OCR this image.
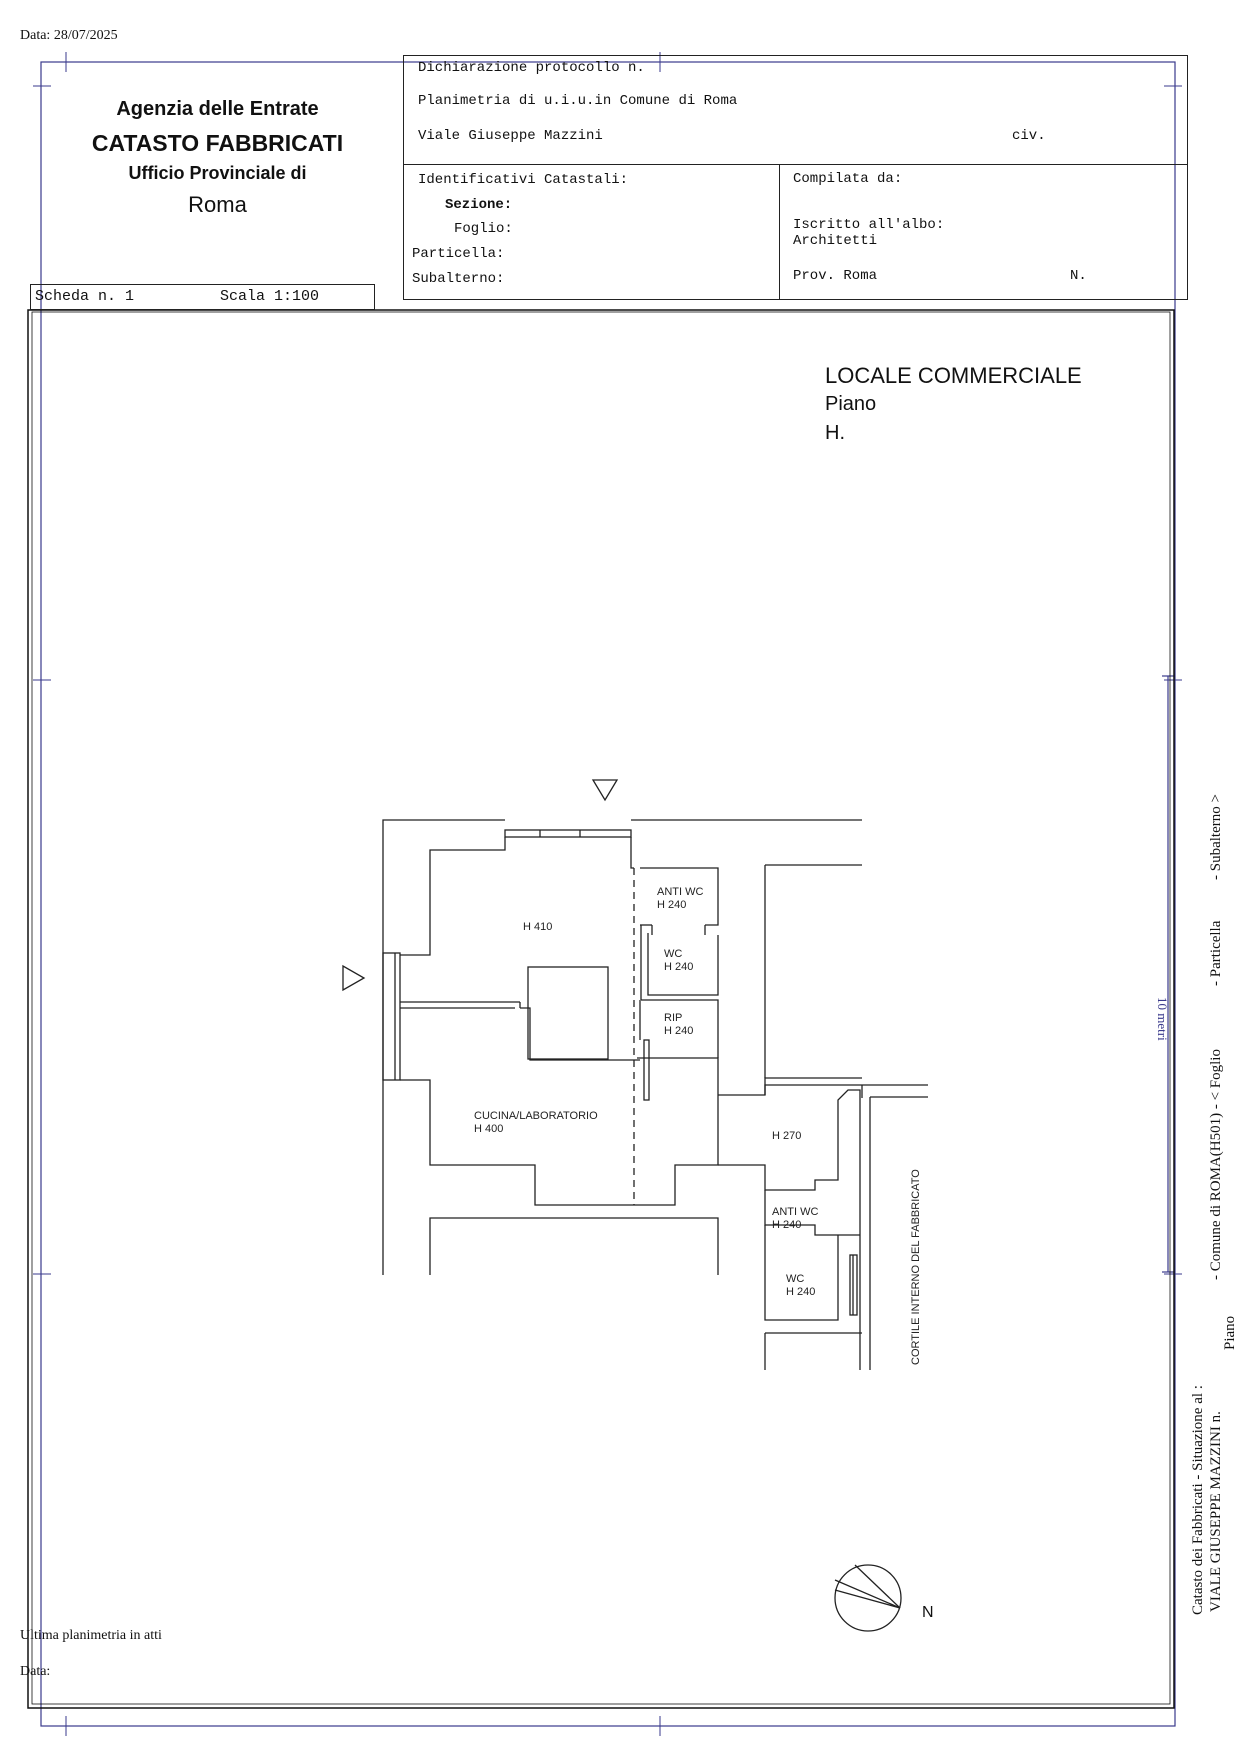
Data: 28/07/2025
Agenzia delle Entrate
CATASTO FABBRICATI
Ufficio Provinciale di
Roma
Dichiarazione protocollo n.
Planimetria di u.i.u.in Comune di Roma
Viale Giuseppe Mazzini	civ.
Identificativi Catastali:
Sezione:
Foglio:
Particella:
Subalterno:
Compilata da:
Iscritto all'albo:
Architetti
Prov. Roma	N.
Scheda n. 1	Scala 1:100
LOCALE COMMERCIALE
Piano
H.
H 410
ANTI WC
H 240
WC
H 240
RIP
H 240
CUCINA/LABORATORIO
H 400
H 270
ANTI WC
H 240
WC
H 240	CORTILE INTERNO DEL FABBRICATO
N	Catasto dei Fabbricati - Situazione al :
- Comune di ROMA(H501) - < Foglio
- Particella
- Subalterno >
VIALE GIUSEPPE MAZZINI n.
Piano
10 metri
Ultima planimetria in atti
Data:
